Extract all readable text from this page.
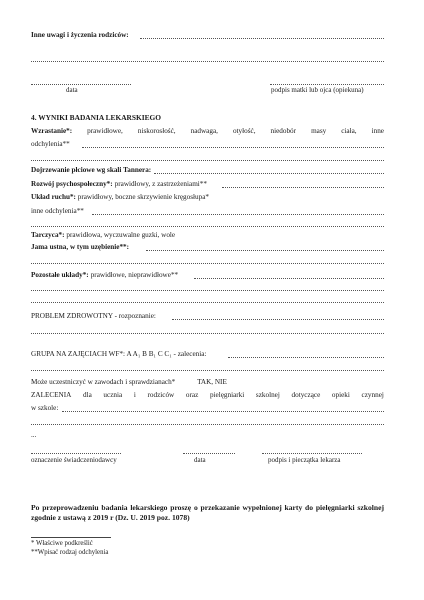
Inne uwagi i życzenia rodziców:
data	podpis matki lub ojca (opiekuna)
4. WYNIKI BADANIA LEKARSKIEGO
Wzrastanie*: prawidłowe, niskorosłość, nadwaga, otyłość, niedobór masy ciała, inne
odchylenia**
Dojrzewanie płciowe wg skali Tannera:
Rozwój psychospołeczny*: prawidłowy, z zastrzeżeniami**
Układ ruchu*: prawidłowy, boczne skrzywienie kręgosłupa*
inne odchylenia**
Tarczyca*: prawidłowa, wyczuwalne guzki, wole
Jama ustna, w tym uzębienie**:
Pozostałe układy*: prawidłowe, nieprawidłowe**
PROBLEM ZDROWOTNY - rozpoznanie:
GRUPA NA ZAJĘCIACH WF*: A A₁ B B₁ C C₁ - zalecenia:
Może uczestniczyć w zawodach i sprawdzianach*	TAK, NIE
ZALECENIA dla ucznia i rodziców oraz pielęgniarki szkolnej dotyczące opieki czynnej
w szkole:
...
oznaczenie świadczeniodawcy	data	podpis i pieczątka lekarza
Po przeprowadzeniu badania lekarskiego proszę o przekazanie wypełnionej karty do pielęgniarki szkolnej zgodnie z ustawą z 2019 r (Dz. U. 2019 poz. 1078)
* Właściwe podkreślić
**Wpisać rodzaj odchylenia
